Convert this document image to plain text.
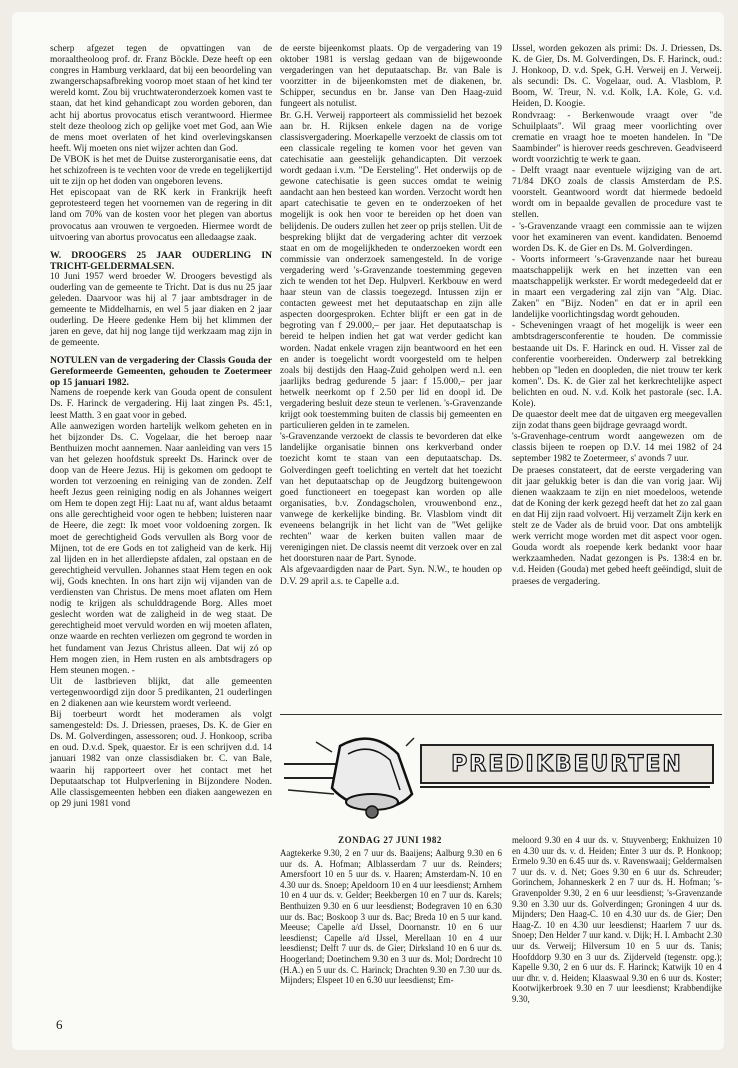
scherp afgezet tegen de opvattingen van de moraaltheoloog prof. dr. Franz Böckle. Deze heeft op een congres in Hamburg verklaard, dat bij een beoordeling van zwangerschapsafbreking voorop moet staan of het kind ter wereld komt. Zou bij vruchtwateronderzoek komen vast te staan, dat het kind gehandicapt zou worden geboren, dan acht hij abortus provocatus etisch verantwoord. Hiermee stelt deze theoloog zich op gelijke voet met God, aan Wie de mens moet overlaten of het kind overlevingskansen heeft. Wij moeten ons niet wijzer achten dan God.

De VBOK is het met de Duitse zusterorganisatie eens, dat het schizofreen is te vechten voor de vrede en tegelijkertijd uit te zijn op het doden van ongeboren levens.

Het episcopaat van de RK kerk in Frankrijk heeft geprotesteerd tegen het voornemen van de regering in dit land om 70% van de kosten voor het plegen van abortus provocatus aan vrouwen te vergoeden. Hiermee wordt de uitvoering van abortus provocatus een alledaagse zaak.

W. DROOGERS 25 JAAR OUDERLING IN TRICHT-GELDERMALSEN.

10 Juni 1957 werd broeder W. Droogers bevestigd als ouderling van de gemeente te Tricht. Dat is dus nu 25 jaar geleden. Daarvoor was hij al 7 jaar ambtsdrager in de gemeente te Middelharnis, en wel 5 jaar diaken en 2 jaar ouderling. De Heere gedenke Hem bij het klimmen der jaren en geve, dat hij nog lange tijd werkzaam mag zijn in de gemeente.

NOTULEN van de vergadering der Classis Gouda der Gereformeerde Gemeenten, gehouden te Zoetermeer op 15 januari 1982.

Namens de roepende kerk van Gouda opent de consulent Ds. F. Harinck de vergadering. Hij laat zingen Ps. 45:1, leest Matth. 3 en gaat voor in gebed.

Alle aanwezigen worden hartelijk welkom geheten en in het bijzonder Ds. C. Vogelaar, die het beroep naar Benthuizen mocht aannemen. Naar aanleiding van vers 15 van het gelezen hoofdstuk spreekt Ds. Harinck over de doop van de Heere Jezus. Hij is gekomen om gedoopt te worden tot verzoening en reiniging van de zonden. Zelf heeft Jezus geen reiniging nodig en als Johannes weigert om Hem te dopen zegt Hij: Laat nu af, want aldus betaamt ons alle gerechtigheid voor ogen te hebben; luisteren naar de Heere, die zegt: Ik moet voor voldoening zorgen. Ik moet de gerechtigheid Gods vervullen als Borg voor de Mijnen, tot de ere Gods en tot zaligheid van de kerk. Hij zal lijden en in het allerdiepste afdalen, zal opstaan en de gerechtigheid vervullen. Johannes staat Hem tegen en ook wij, Gods knechten. In ons hart zijn wij vijanden van de verdiensten van Christus. De mens moet aflaten om Hem nodig te krijgen als schulddragende Borg. Alles moet geslecht worden wat de zaligheid in de weg staat. De gerechtigheid moet vervuld worden en wij moeten aflaten, onze waarde en rechten verliezen om gegrond te worden in het fundament van Jezus Christus alleen. Dat wij zó op Hem mogen zien, in Hem rusten en als ambtsdragers op Hem steunen mogen. -

Uit de lastbrieven blijkt, dat alle gemeenten vertegenwoordigd zijn door 5 predikanten, 21 ouderlingen en 2 diakenen aan wie keurstem wordt verleend.

Bij toerbeurt wordt het moderamen als volgt samengesteld: Ds. J. Driessen, praeses, Ds. K. de Gier en Ds. M. Golverdingen, assessoren; oud. J. Honkoop, scriba en oud. D.v.d. Spek, quaestor. Er is een schrijven d.d. 14 januari 1982 van onze classisdiaken br. C. van Bale, waarin hij rapporteert over het contact met het Deputaatschap tot Hulpverlening in Bijzondere Noden. Alle classisgemeenten hebben een diaken aangewezen en op 29 juni 1981 vond

de eerste bijeenkomst plaats. Op de vergadering van 19 oktober 1981 is verslag gedaan van de bijgewoonde vergaderingen van het deputaatschap. Br. van Bale is voorzitter in de bijeenkomsten met de diakenen, br. Schipper, secundus en br. Janse van Den Haag-zuid fungeert als notulist.

Br. G.H. Verweij rapporteert als commissielid het bezoek aan br. H. Rijksen enkele dagen na de vorige classisvergadering. Moerkapelle verzoekt de classis om tot een classicale regeling te komen voor het geven van catechisatie aan geestelijk gehandicapten. Dit verzoek wordt gedaan i.v.m. "De Eersteling". Het onderwijs op de gewone catechisatie is geen succes omdat te weinig aandacht aan hen besteed kan worden. Verzocht wordt hen apart catechisatie te geven en te onderzoeken of het mogelijk is ook hen voor te bereiden op het doen van belijdenis. De ouders zullen het zeer op prijs stellen. Uit de bespreking blijkt dat de vergadering achter dit verzoek staat en om de mogelijkheden te onderzoeken wordt een commissie van onderzoek samengesteld. In de vorige vergadering werd 's-Gravenzande toestemming gegeven zich te wenden tot het Dep. Hulpverl. Kerkbouw en werd haar steun van de classis toegezegd. Intussen zijn er contacten geweest met het deputaatschap en zijn alle aspecten doorgesproken. Echter blijft er een gat in de begroting van f 29.000,– per jaar. Het deputaatschap is bereid te helpen indien het gat wat verder gedicht kan worden. Nadat enkele vragen zijn beantwoord en het een en ander is toegelicht wordt voorgesteld om te helpen zoals bij destijds den Haag-Zuid geholpen werd n.l. een jaarlijks bedrag gedurende 5 jaar: f 15.000,– per jaar hetwelk neerkomt op f 2.50 per lid en doopl id. De vergadering besluit deze steun te verlenen. 's-Gravenzande krijgt ook toestemming buiten de classis bij gemeenten en particulieren gelden in te zamelen.

's-Gravenzande verzoekt de classis te bevorderen dat elke landelijke organisatie binnen ons kerkverband onder toezicht komt te staan van een deputaatschap. Ds. Golverdingen geeft toelichting en vertelt dat het toezicht van het deputaatschap op de Jeugdzorg buitengewoon goed functioneert en toegepast kan worden op alle organisaties, b.v. Zondagscholen, vrouwenbond enz., vanwege de kerkelijke binding. Br. Vlasblom vindt dit eveneens belangrijk in het licht van de "Wet gelijke rechten" waar de kerken buiten vallen maar de verenigingen niet. De classis neemt dit verzoek over en zal het doorsturen naar de Part. Synode.

Als afgevaardigden naar de Part. Syn. N.W., te houden op D.V. 29 april a.s. te Capelle a.d.

IJssel, worden gekozen als primi: Ds. J. Driessen, Ds. K. de Gier, Ds. M. Golverdingen, Ds. F. Harinck, oud.: J. Honkoop, D. v.d. Spek, G.H. Verweij en J. Verweij. als secundi: Ds. C. Vogelaar, oud. A. Vlasblom, P. Boom, W. Treur, N. v.d. Kolk, I.A. Kole, G. v.d. Heiden, D. Koogie.

Rondvraag: - Berkenwoude vraagt over "de Schuilplaats". Wil graag meer voorlichting over crematie en vraagt hoe te moeten handelen. In "De Saambinder" is hierover reeds geschreven. Geadviseerd wordt voorzichtig te werk te gaan.

- Delft vraagt naar eventuele wijziging van de art. 71/84 DKO zoals de classis Amsterdam de P.S. voorstelt. Geantwoord wordt dat hiermede bedoeld wordt om in bepaalde gevallen de procedure vast te stellen.

- 's-Gravenzande vraagt een commissie aan te wijzen voor het examineren van event. kandidaten. Benoemd worden Ds. K. de Gier en Ds. M. Golverdingen.

- Voorts informeert 's-Gravenzande naar het bureau maatschappelijk werk en het inzetten van een maatschappelijk werkster. Er wordt medegedeeld dat er in maart een vergadering zal zijn van "Alg. Diac. Zaken" en "Bijz. Noden" en dat er in april een landelijke voorlichtingsdag wordt gehouden.

- Scheveningen vraagt of het mogelijk is weer een ambtsdragersconferentie te houden. De commissie bestaande uit Ds. F. Harinck en oud. H. Visser zal de conferentie voorbereiden. Onderwerp zal betrekking hebben op "leden en doopleden, die niet trouw ter kerk komen". Ds. K. de Gier zal het kerkrechtelijke aspect belichten en oud. N. v.d. Kolk het pastorale (sec. I.A. Kole).

De quaestor deelt mee dat de uitgaven erg meegevallen zijn zodat thans geen bijdrage gevraagd wordt.

's-Gravenhage-centrum wordt aangewezen om de classis bijeen te roepen op D.V. 14 mei 1982 of 24 september 1982 te Zoetermeer, s' avonds 7 uur.

De praeses constateert, dat de eerste vergadering van dit jaar gelukkig beter is dan die van vorig jaar. Wij dienen waakzaam te zijn en niet moedeloos, wetende dat de Koning der kerk gezegd heeft dat het zo zal gaan en dat Hij zijn raad volvoert. Hij verzamelt Zijn kerk en stelt ze de Vader als de bruid voor. Dat ons ambtelijk werk verricht moge worden met dit aspect voor ogen. Gouda wordt als roepende kerk bedankt voor haar werkzaamheden. Nadat gezongen is Ps. 138:4 en br. v.d. Heiden (Gouda) met gebed heeft geëindigd, sluit de praeses de vergadering.

PREDIKBEURTEN
ZONDAG 27 JUNI 1982

Aagtekerke 9.30, 2 en 7 uur ds. Baaijens; Aalburg 9.30 en 6 uur ds. A. Hofman; Alblasserdam 7 uur ds. Reinders; Amersfoort 10 en 5 uur ds. v. Haaren; Amsterdam-N. 10 en 4.30 uur ds. Snoep; Apeldoorn 10 en 4 uur leesdienst; Arnhem 10 en 4 uur ds. v. Gelder; Beekbergen 10 en 7 uur ds. Karels; Benthuizen 9.30 en 6 uur leesdienst; Bodegraven 10 en 6.30 uur ds. Bac; Boskoop 3 uur ds. Bac; Breda 10 en 5 uur kand. Meeuse; Capelle a/d IJssel, Doornanstr. 10 en 6 uur leesdienst; Capelle a/d IJssel, Merellaan 10 en 4 uur leesdienst; Delft 7 uur ds. de Gier; Dirksland 10 en 6 uur ds. Hoogerland; Doetinchem 9.30 en 3 uur ds. Mol; Dordrecht 10 (H.A.) en 5 uur ds. C. Harinck; Drachten 9.30 en 7.30 uur ds. Mijnders; Elspeet 10 en 6.30 uur leesdienst; Em-

meloord 9.30 en 4 uur ds. v. Stuyvenberg; Enkhuizen 10 en 4.30 uur ds. v. d. Heiden; Enter 3 uur ds. P. Honkoop; Ermelo 9.30 en 6.45 uur ds. v. Ravenswaaij; Geldermalsen 7 uur ds. v. d. Net; Goes 9.30 en 6 uur ds. Schreuder; Gorinchem, Johanneskerk 2 en 7 uur ds. H. Hofman; 's-Gravenpolder 9.30, 2 en 6 uur leesdienst; 's-Gravenzande 9.30 en 3.30 uur ds. Golverdingen; Groningen 4 uur ds. Mijnders; Den Haag-C. 10 en 4.30 uur ds. de Gier; Den Haag-Z. 10 en 4.30 uur leesdienst; Haarlem 7 uur ds. Snoep; Den Helder 7 uur kand. v. Dijk; H. I. Ambacht 2.30 uur ds. Verweij; Hilversum 10 en 5 uur ds. Tanis; Hoofddorp 9.30 en 3 uur ds. Zijderveld (tegenstr. opg.); Kapelle 9.30, 2 en 6 uur ds. F. Harinck; Katwijk 10 en 4 uur dhr. v. d. Heiden; Klaaswaal 9.30 en 6 uur ds. Koster; Kootwijkerbroek 9.30 en 7 uur leesdienst; Krabbendijke 9.30,

6
